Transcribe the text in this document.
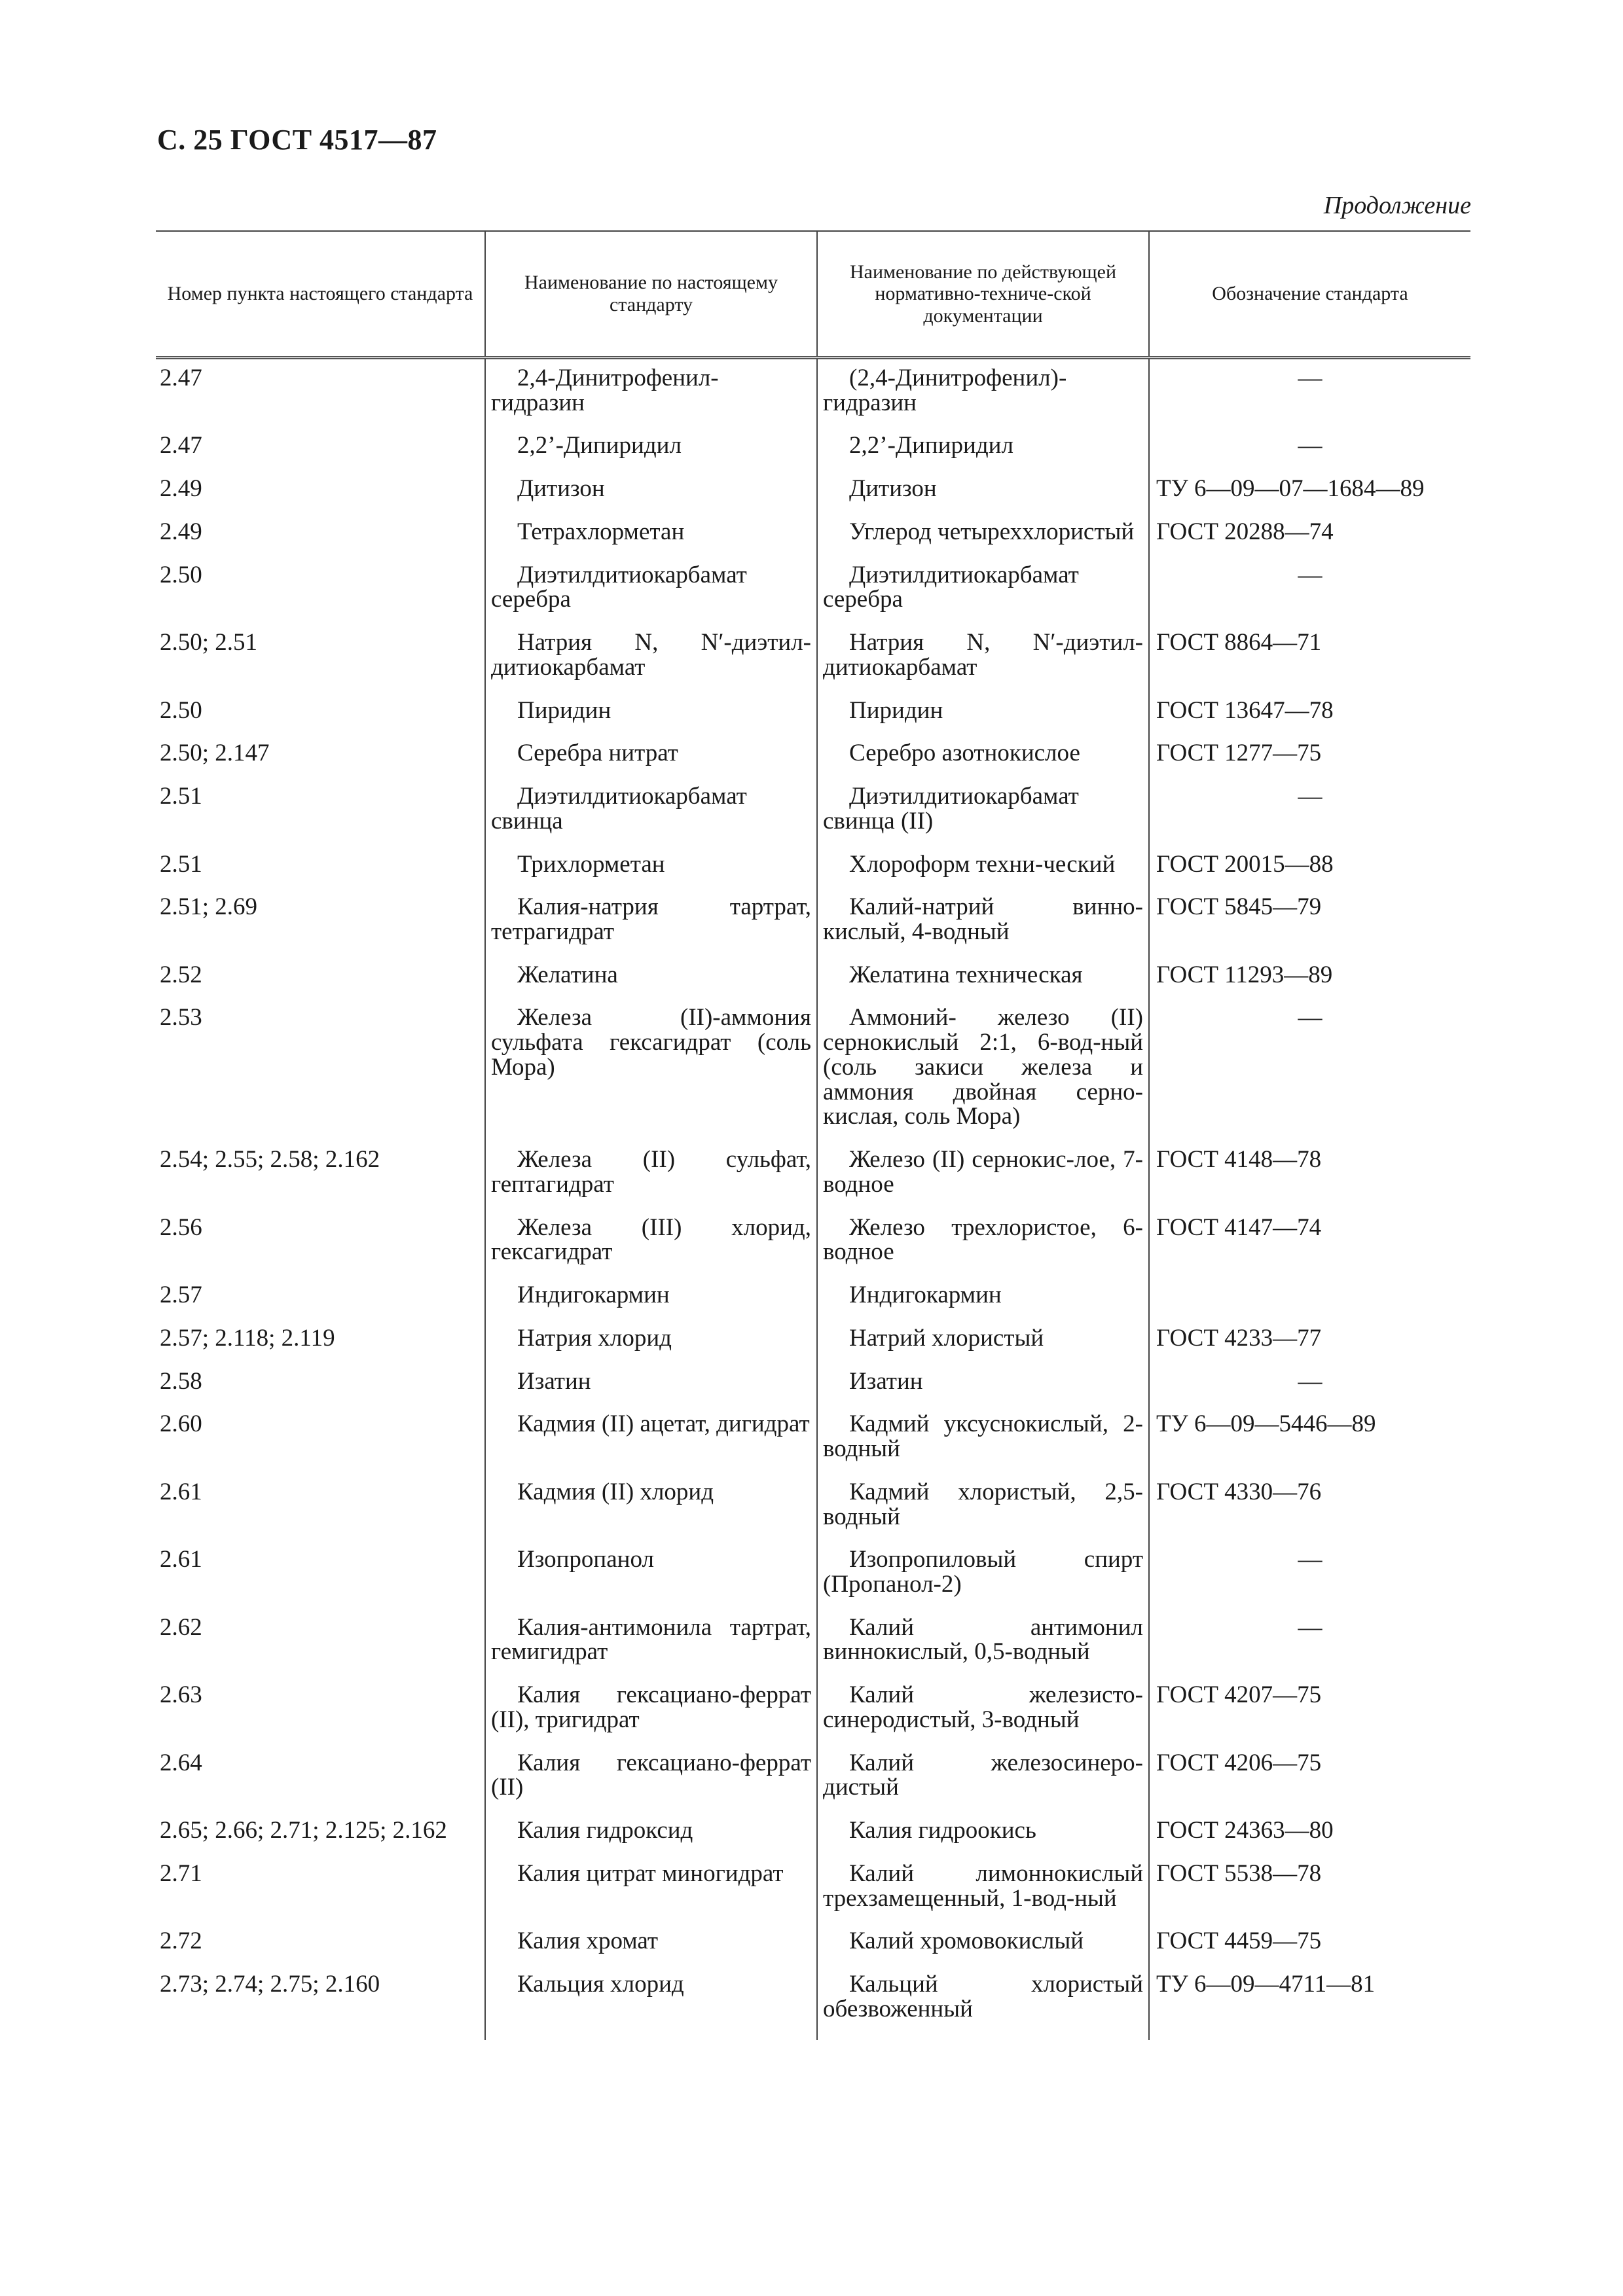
С. 25 ГОСТ 4517—87
Продолжение
Номер пункта настоящего стандарта	Наименование по настоящему стандарту	Наименование по действующей нормативно-техниче-ской документации	Обозначение стандарта
2.47	2,4-Динитрофенил-гидразин	(2,4-Динитрофенил)-гидразин	—
2.47	2,2’-Дипиридил	2,2’-Дипиридил	—
2.49	Дитизон	Дитизон	ТУ 6—09—07—1684—89
2.49	Тетрахлорметан	Углерод четыреххлористый	ГОСТ 20288—74
2.50	Диэтилдитиокарбамат серебра	Диэтилдитиокарбамат серебра	—
2.50; 2.51	Натрия N, N′-диэтил-дитиокарбамат	Натрия N, N′-диэтил-дитиокарбамат	ГОСТ 8864—71
2.50	Пиридин	Пиридин	ГОСТ 13647—78
2.50; 2.147	Серебра нитрат	Серебро азотнокислое	ГОСТ 1277—75
2.51	Диэтилдитиокарбамат свинца	Диэтилдитиокарбамат свинца (II)	—
2.51	Трихлорметан	Хлороформ техни-ческий	ГОСТ 20015—88
2.51; 2.69	Калия-натрия тартрат, тетрагидрат	Калий-натрий винно-кислый, 4-водный	ГОСТ 5845—79
2.52	Желатина	Желатина техническая	ГОСТ 11293—89
2.53	Железа (II)-аммония сульфата гексагидрат (соль Мора)	Аммоний- железо (II) сернокислый 2:1, 6-вод-ный (соль закиси железа и аммония двойная серно-кислая, соль Мора)	—
2.54; 2.55; 2.58; 2.162	Железа (II) сульфат, гептагидрат	Железо (II) сернокис-лое, 7-водное	ГОСТ 4148—78
2.56	Железа (III) хлорид, гексагидрат	Железо трехлористое, 6-водное	ГОСТ 4147—74
2.57	Индигокармин	Индигокармин	
2.57; 2.118; 2.119	Натрия хлорид	Натрий хлористый	ГОСТ 4233—77
2.58	Изатин	Изатин	—
2.60	Кадмия (II) ацетат, дигидрат	Кадмий уксуснокислый, 2-водный	ТУ 6—09—5446—89
2.61	Кадмия (II) хлорид	Кадмий хлористый, 2,5-водный	ГОСТ 4330—76
2.61	Изопропанол	Изопропиловый спирт (Пропанол-2)	—
2.62	Калия-антимонила тартрат, гемигидрат	Калий антимонил виннокислый, 0,5-водный	—
2.63	Калия гексациано-феррат (II), тригидрат	Калий железисто-синеродистый, 3-водный	ГОСТ 4207—75
2.64	Калия гексациано-феррат (II)	Калий железосинеро-дистый	ГОСТ 4206—75
2.65; 2.66; 2.71; 2.125; 2.162	Калия гидроксид	Калия гидроокись	ГОСТ 24363—80
2.71	Калия цитрат миногидрат	Калий лимоннокислый трехзамещенный, 1-вод-ный	ГОСТ 5538—78
2.72	Калия хромат	Калий хромовокислый	ГОСТ 4459—75
2.73; 2.74; 2.75; 2.160	Кальция хлорид	Кальций хлористый обезвоженный	ТУ 6—09—4711—81
